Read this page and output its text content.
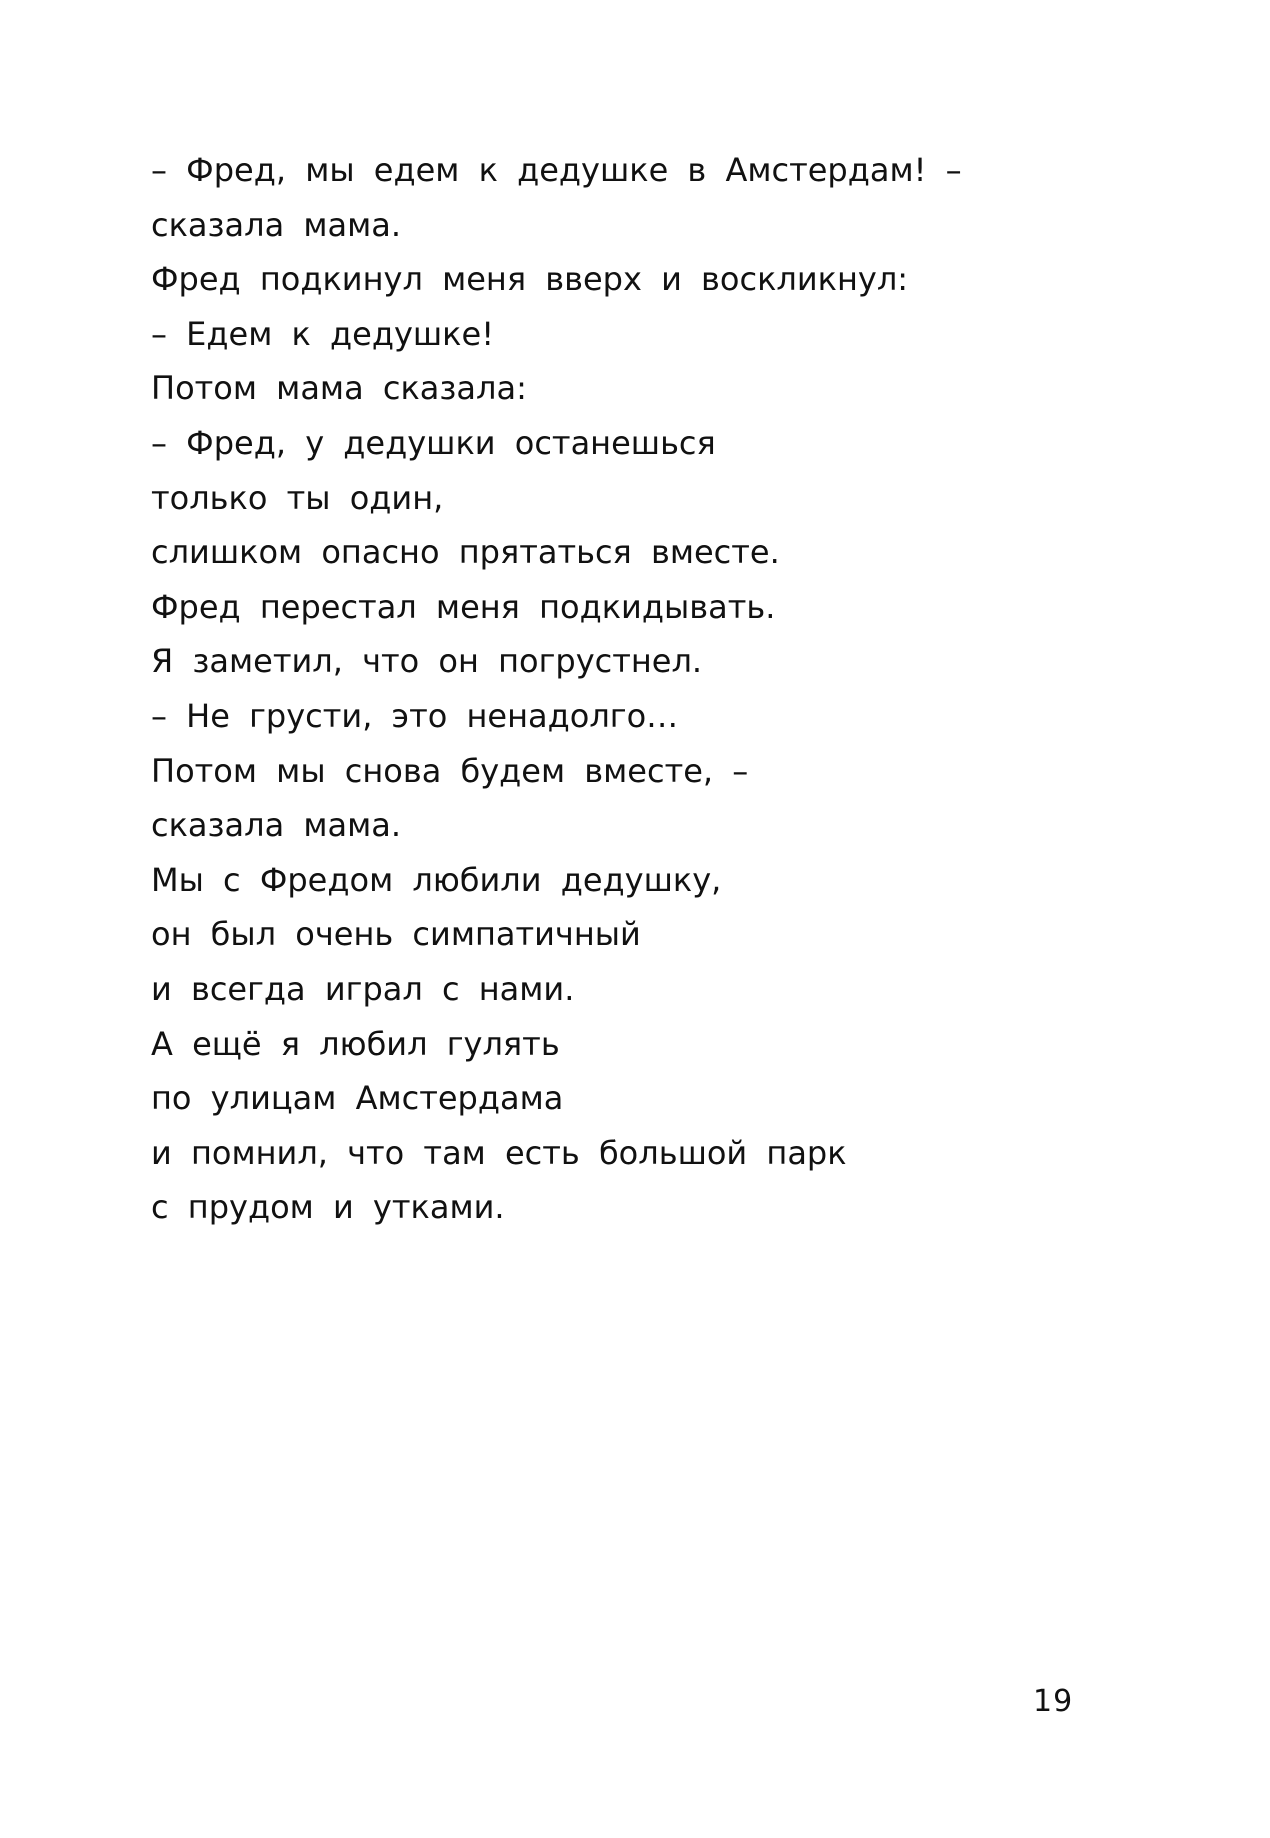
– Фред, мы едем к дедушке в Амстердам! –
сказала мама.
Фред подкинул меня вверх и воскликнул:
– Едем к дедушке!
Потом мама сказала:
– Фред, у дедушки останешься
только ты один,
слишком опасно прятаться вместе.
Фред перестал меня подкидывать.
Я заметил, что он погрустнел.
– Не грусти, это ненадолго…
Потом мы снова будем вместе, –
сказала мама.
Мы с Фредом любили дедушку,
он был очень симпатичный
и всегда играл с нами.
А ещё я любил гулять
по улицам Амстердама
и помнил, что там есть большой парк
с прудом и утками.
19
